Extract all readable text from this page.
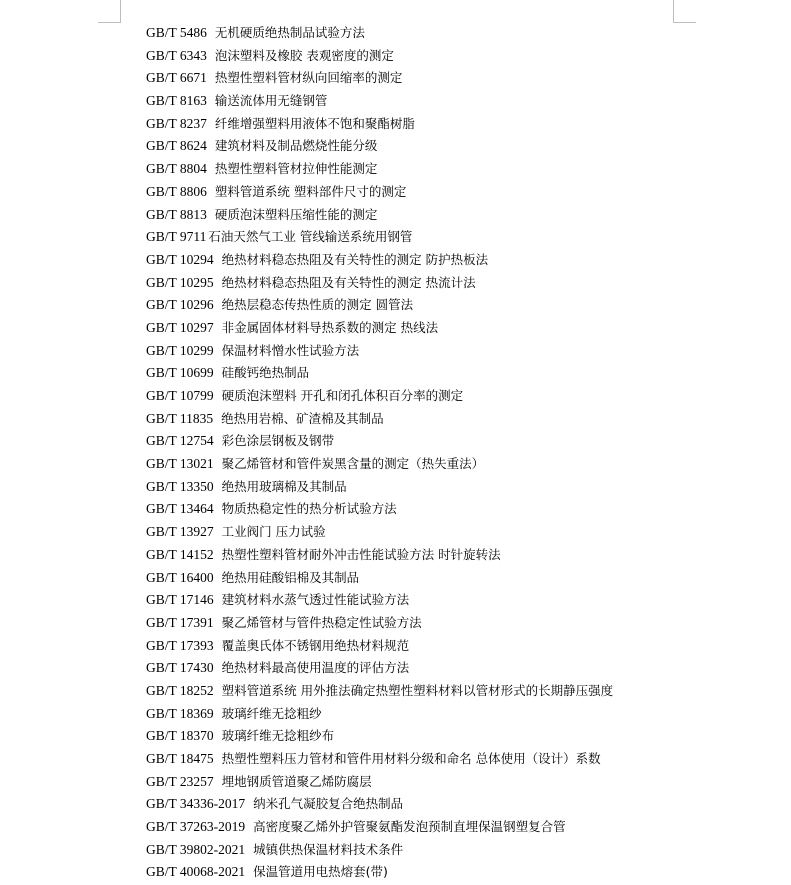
GB/T 5486 无机硬质绝热制品试验方法
GB/T 6343 泡沫塑料及橡胶 表观密度的测定
GB/T 6671 热塑性塑料管材纵向回缩率的测定
GB/T 8163 输送流体用无缝钢管
GB/T 8237 纤维增强塑料用液体不饱和聚酯树脂
GB/T 8624 建筑材料及制品燃烧性能分级
GB/T 8804 热塑性塑料管材拉伸性能测定
GB/T 8806 塑料管道系统 塑料部件尺寸的测定
GB/T 8813 硬质泡沫塑料压缩性能的测定
GB/T 9711 石油天然气工业 管线输送系统用钢管
GB/T 10294 绝热材料稳态热阻及有关特性的测定 防护热板法
GB/T 10295 绝热材料稳态热阻及有关特性的测定 热流计法
GB/T 10296 绝热层稳态传热性质的测定 圆管法
GB/T 10297 非金属固体材料导热系数的测定 热线法
GB/T 10299 保温材料憎水性试验方法
GB/T 10699 硅酸钙绝热制品
GB/T 10799 硬质泡沫塑料 开孔和闭孔体积百分率的测定
GB/T 11835 绝热用岩棉、矿渣棉及其制品
GB/T 12754 彩色涂层钢板及钢带
GB/T 13021 聚乙烯管材和管件炭黑含量的测定（热失重法）
GB/T 13350 绝热用玻璃棉及其制品
GB/T 13464 物质热稳定性的热分析试验方法
GB/T 13927 工业阀门 压力试验
GB/T 14152 热塑性塑料管材耐外冲击性能试验方法 时针旋转法
GB/T 16400 绝热用硅酸铝棉及其制品
GB/T 17146 建筑材料水蒸气透过性能试验方法
GB/T 17391 聚乙烯管材与管件热稳定性试验方法
GB/T 17393 覆盖奥氏体不锈钢用绝热材料规范
GB/T 17430 绝热材料最高使用温度的评估方法
GB/T 18252 塑料管道系统 用外推法确定热塑性塑料材料以管材形式的长期静压强度
GB/T 18369 玻璃纤维无捻粗纱
GB/T 18370 玻璃纤维无捻粗纱布
GB/T 18475 热塑性塑料压力管材和管件用材料分级和命名 总体使用（设计）系数
GB/T 23257 埋地钢质管道聚乙烯防腐层
GB/T 34336-2017 纳米孔气凝胶复合绝热制品
GB/T 37263-2019 高密度聚乙烯外护管聚氨酯发泡预制直埋保温钢塑复合管
GB/T 39802-2021 城镇供热保温材料技术条件
GB/T 40068-2021 保温管道用电热熔套(带)
